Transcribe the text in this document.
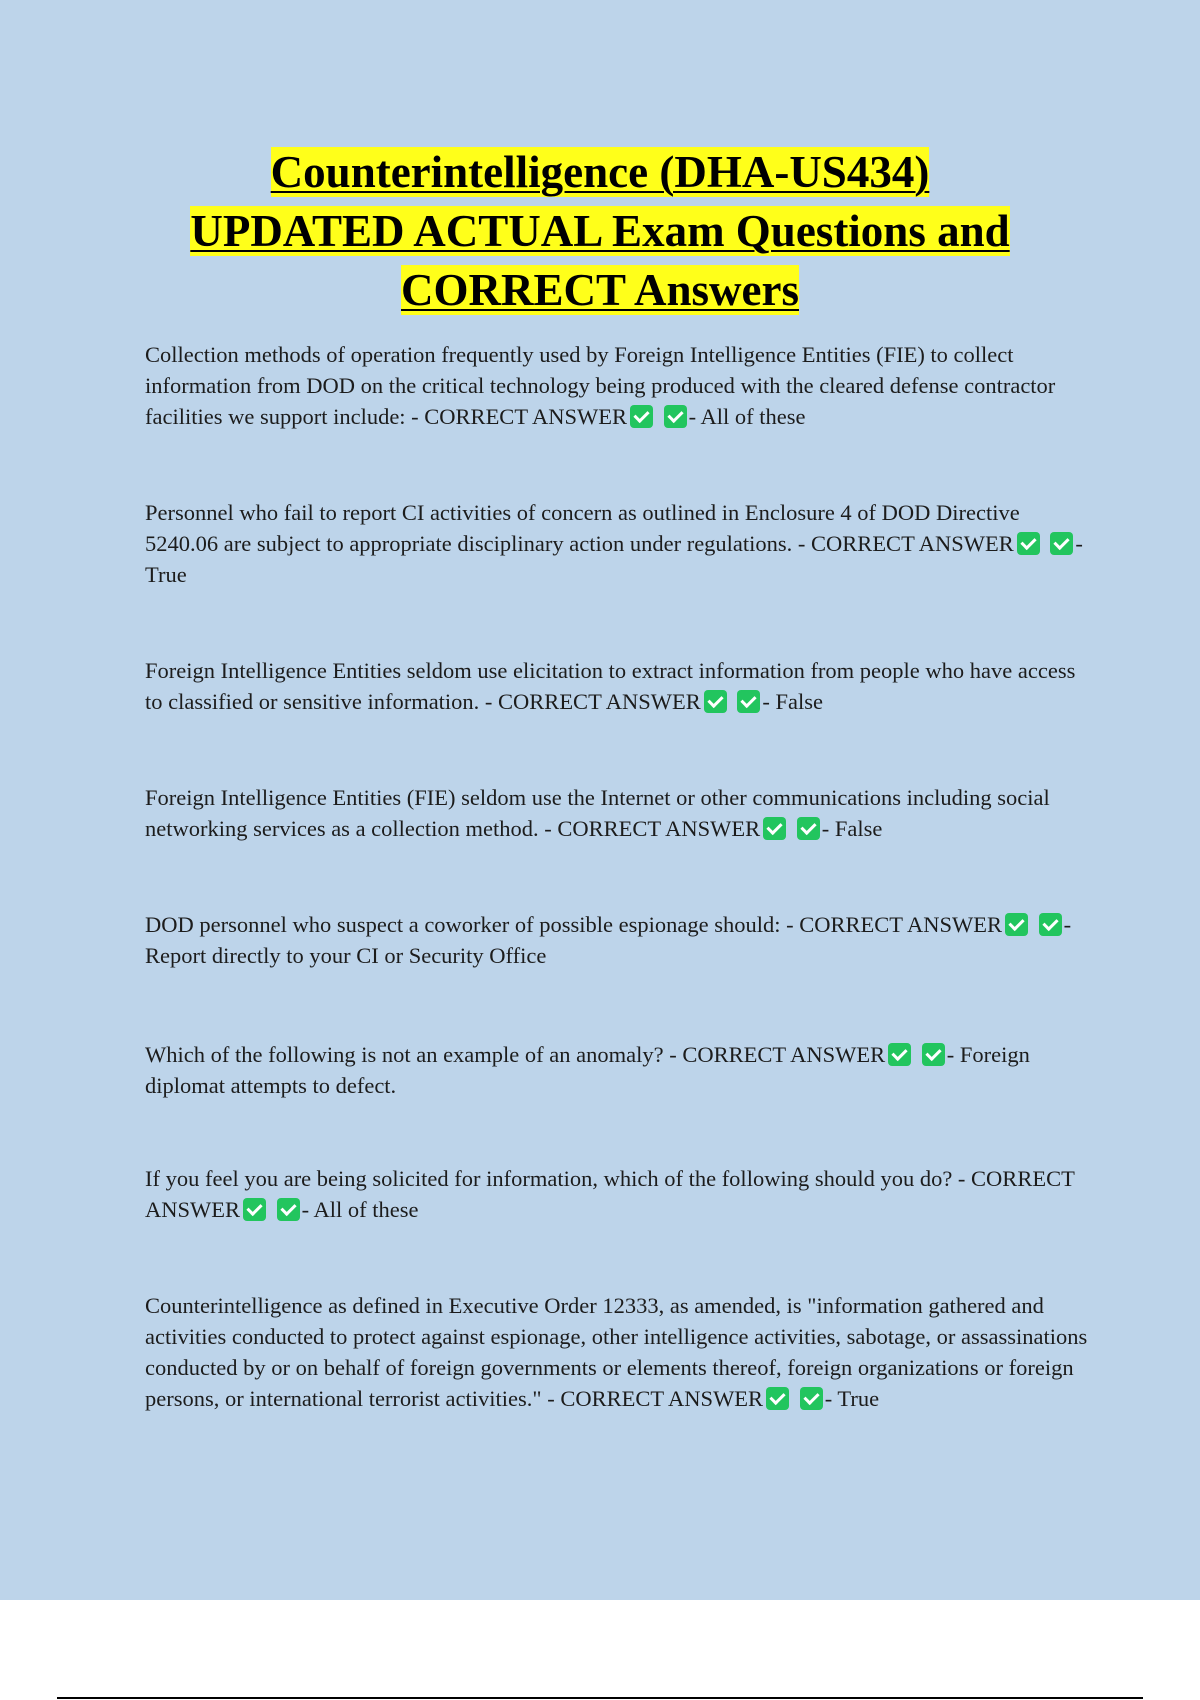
Counterintelligence (DHA-US434)
UPDATED ACTUAL Exam Questions and
CORRECT Answers
Collection methods of operation frequently used by Foreign Intelligence Entities (FIE) to collect information from DOD on the critical technology being produced with the cleared defense contractor facilities we support include: - CORRECT ANSWER	- All of these
Personnel who fail to report CI activities of concern as outlined in Enclosure 4 of DOD Directive 5240.06 are subject to appropriate disciplinary action under regulations. - CORRECT ANSWER	- True
Foreign Intelligence Entities seldom use elicitation to extract information from people who have access to classified or sensitive information. - CORRECT ANSWER	- False
Foreign Intelligence Entities (FIE) seldom use the Internet or other communications including social networking services as a collection method. - CORRECT ANSWER	- False
DOD personnel who suspect a coworker of possible espionage should: - CORRECT ANSWER	- Report directly to your CI or Security Office
Which of the following is not an example of an anomaly? - CORRECT ANSWER	- Foreign diplomat attempts to defect.
If you feel you are being solicited for information, which of the following should you do? - CORRECT ANSWER	- All of these
Counterintelligence as defined in Executive Order 12333, as amended, is "information gathered and activities conducted to protect against espionage, other intelligence activities, sabotage, or assassinations conducted by or on behalf of foreign governments or elements thereof, foreign organizations or foreign persons, or international terrorist activities." - CORRECT ANSWER	- True
